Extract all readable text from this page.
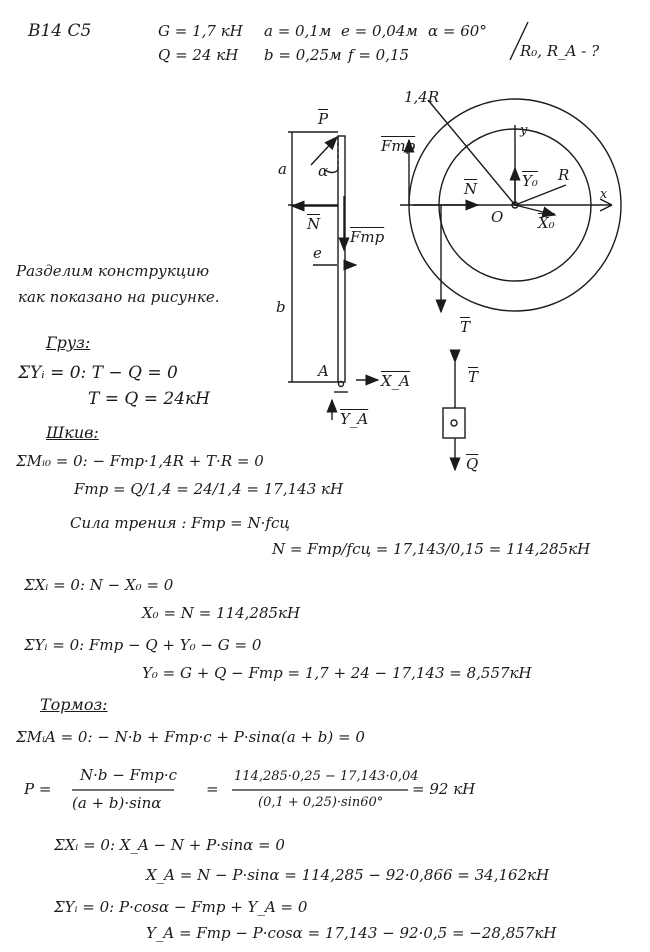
B14 C5	G = 1,7 кН a = 0,1м e = 0,04м α = 60°
Q = 24 кН b = 0,25м f = 0,15	R₀, R_A - ?
$\overline{P}$
α
a
$\overline{N}$
Fтр
e
b
A
X_A
Y_A
1,4R
Fтр
y
$\overline{N}$	Y₀ R
x
O X₀
$\overline{T}$
$\overline{T}$
$\overline{Q}$
Разделим конструкцию
как показано на рисунке.
Груз:
ΣYᵢ = 0: T − Q = 0
T = Q = 24кН
Шкив:
ΣMᵢ₀ = 0: − Fтр·1,4R + T·R = 0
Fтр = Q/1,4 = 24/1,4 = 17,143 кН
Сила трения : Fтр = N·fсц
N = Fтр/fсц = 17,143/0,15 = 114,285кН
ΣXᵢ = 0: N − X₀ = 0
X₀ = N = 114,285кН
ΣYᵢ = 0: Fтр − Q + Y₀ − G = 0
Y₀ = G + Q − Fтр = 1,7 + 24 − 17,143 = 8,557кН
Тормоз:
ΣMᵢA = 0: − N·b + Fтр·c + P·sinα(a + b) = 0
P =
N·b − Fтр·c
(a + b)·sinα
=
114,285·0,25 − 17,143·0,04
(0,1 + 0,25)·sin60°
= 92 кН
ΣXᵢ = 0: X_A − N + P·sinα = 0
X_A = N − P·sinα = 114,285 − 92·0,866 = 34,162кН
ΣYᵢ = 0: P·cosα − Fтр + Y_A = 0
Y_A = Fтр − P·cosα = 17,143 − 92·0,5 = −28,857кН
